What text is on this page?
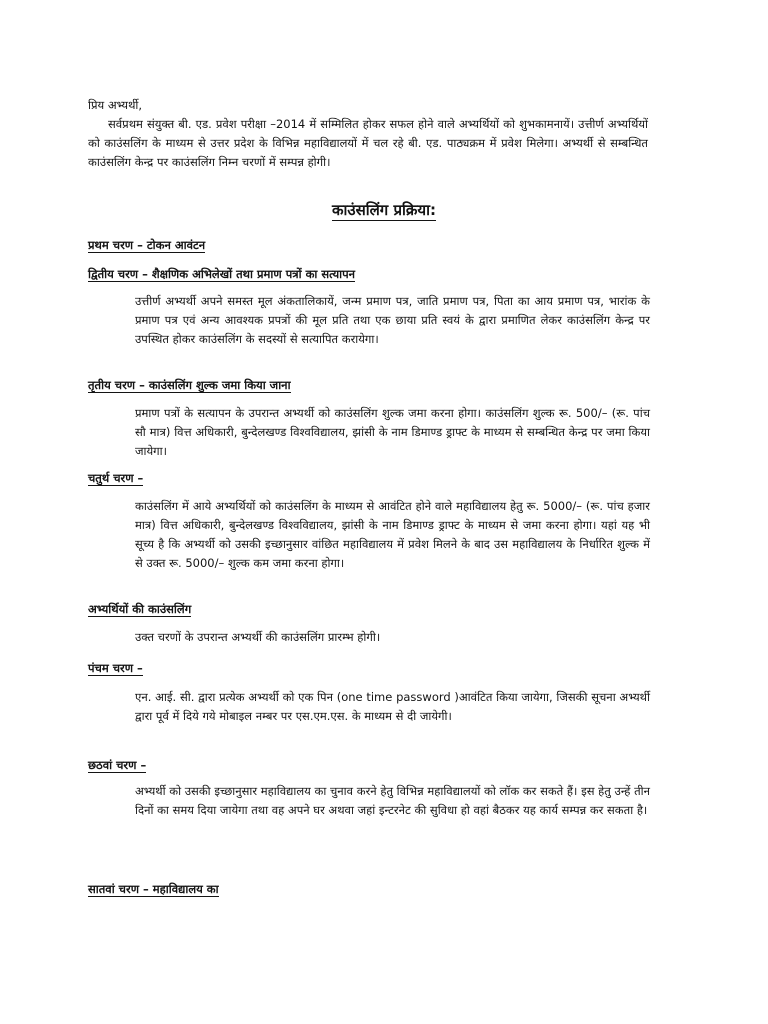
प्रिय अभ्यर्थी,
सर्वप्रथम संयुक्त बी. एड. प्रवेश परीक्षा –2014 में सम्मिलित होकर सफल होने वाले अभ्यर्थियों को शुभकामनायें। उत्तीर्ण अभ्यर्थियों को काउंसलिंग के माध्यम से उत्तर प्रदेश के विभिन्न महाविद्यालयों में चल रहे बी. एड. पाठ्यक्रम में प्रवेश मिलेगा। अभ्यर्थी से सम्बन्धित काउंसलिंग केन्द्र पर काउंसलिंग निम्न चरणों में सम्पन्न होगी।
काउंसलिंग प्रक्रिया:
प्रथम चरण – टोकन आवंटन
द्वितीय चरण – शैक्षणिक अभिलेखों तथा प्रमाण पत्रों का सत्यापन

उत्तीर्ण अभ्यर्थी अपने समस्त मूल अंकतालिकायें, जन्म प्रमाण पत्र, जाति प्रमाण पत्र, पिता का आय प्रमाण पत्र, भारांक के प्रमाण पत्र एवं अन्य आवश्यक प्रपत्रों की मूल प्रति तथा एक छाया प्रति स्वयं के द्वारा प्रमाणित लेकर काउंसलिंग केन्द्र पर उपस्थित होकर काउंसलिंग के सदस्यों से सत्यापित करायेगा।

तृतीय चरण – काउंसलिंग शुल्क जमा किया जाना

प्रमाण पत्रों के सत्यापन के उपरान्त अभ्यर्थी को काउंसलिंग शुल्क जमा करना होगा। काउंसलिंग शुल्क रू. 500/– (रू. पांच सौ मात्र) वित्त अधिकारी, बुन्देलखण्ड विश्वविद्यालय, झांसी के नाम डिमाण्ड ड्राफ्ट के माध्यम से सम्बन्धित केन्द्र पर जमा किया जायेगा।

चतुर्थ चरण –

काउंसलिंग में आये अभ्यर्थियों को काउंसलिंग के माध्यम से आवंटित होने वाले महाविद्यालय हेतु रू. 5000/– (रू. पांच हजार मात्र) वित्त अधिकारी, बुन्देलखण्ड विश्वविद्यालय, झांसी के नाम डिमाण्ड ड्राफ्ट के माध्यम से जमा करना होगा। यहां यह भी सूच्य है कि अभ्यर्थी को उसकी इच्छानुसार वांछित महाविद्यालय में प्रवेश मिलने के बाद उस महाविद्यालय के निर्धारित शुल्क में से उक्त रू. 5000/– शुल्क कम जमा करना होगा।

अभ्यर्थियों की काउंसलिंग

उक्त चरणों के उपरान्त अभ्यर्थी की काउंसलिंग प्रारम्भ होगी।

पंचम चरण –

एन. आई. सी. द्वारा प्रत्येक अभ्यर्थी को एक पिन (one time password )आवंटित किया जायेगा, जिसकी सूचना अभ्यर्थी द्वारा पूर्व में दिये गये मोबाइल नम्बर पर एस.एम.एस. के माध्यम से दी जायेगी।

छठवां चरण –

अभ्यर्थी को उसकी इच्छानुसार महाविद्यालय का चुनाव करने हेतु विभिन्न महाविद्यालयों को लॉक कर सकते हैं। इस हेतु उन्हें तीन दिनों का समय दिया जायेगा तथा वह अपने घर अथवा जहां इन्टरनेट की सुविधा हो वहां बैठकर यह कार्य सम्पन्न कर सकता है।

सातवां चरण – महाविद्यालय का
